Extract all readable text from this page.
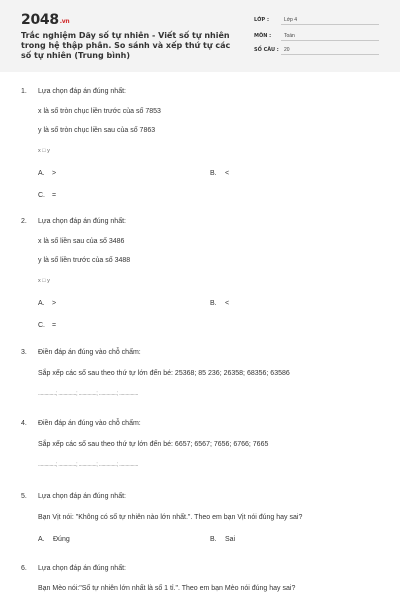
2048.vn
Trắc nghiệm Dãy số tự nhiên - Viết số tự nhiên trong hệ thập phân. So sánh và xếp thứ tự các số tự nhiên (Trung bình)
LỚP :	Lớp 4
MÔN :	Toán
SỐ CÂU : 20
1. Lựa chọn đáp án đúng nhất:
x là số tròn chục liền trước của số 7853
y là số tròn chục liền sau của số 7863
x □ y
A. >	B. <
C. =
2. Lựa chọn đáp án đúng nhất:
x là số liền sau của số 3486
y là số liền trước của số 3488
x □ y
A. >	B. <
C. =
3. Điền đáp án đúng vào chỗ chấm:
Sắp xếp các số sau theo thứ tự lớn đến bé: 25368; 85 236; 26358; 68356; 63586
..............; ..............; ..............; ..............; ...............
4. Điền đáp án đúng vào chỗ chấm:
Sắp xếp các số sau theo thứ tự lớn đến bé: 6657; 6567; 7656; 6766; 7665
..............; ..............; ..............; ..............; ...............
5. Lựa chọn đáp án đúng nhất:
Bạn Vịt nói: "Không có số tự nhiên nào lớn nhất.". Theo em bạn Vịt nói đúng hay sai?
A. Đúng	B. Sai
6. Lựa chọn đáp án đúng nhất:
Bạn Mèo nói:"Số tự nhiên lớn nhất là số 1 tỉ.". Theo em bạn Mèo nói đúng hay sai?
